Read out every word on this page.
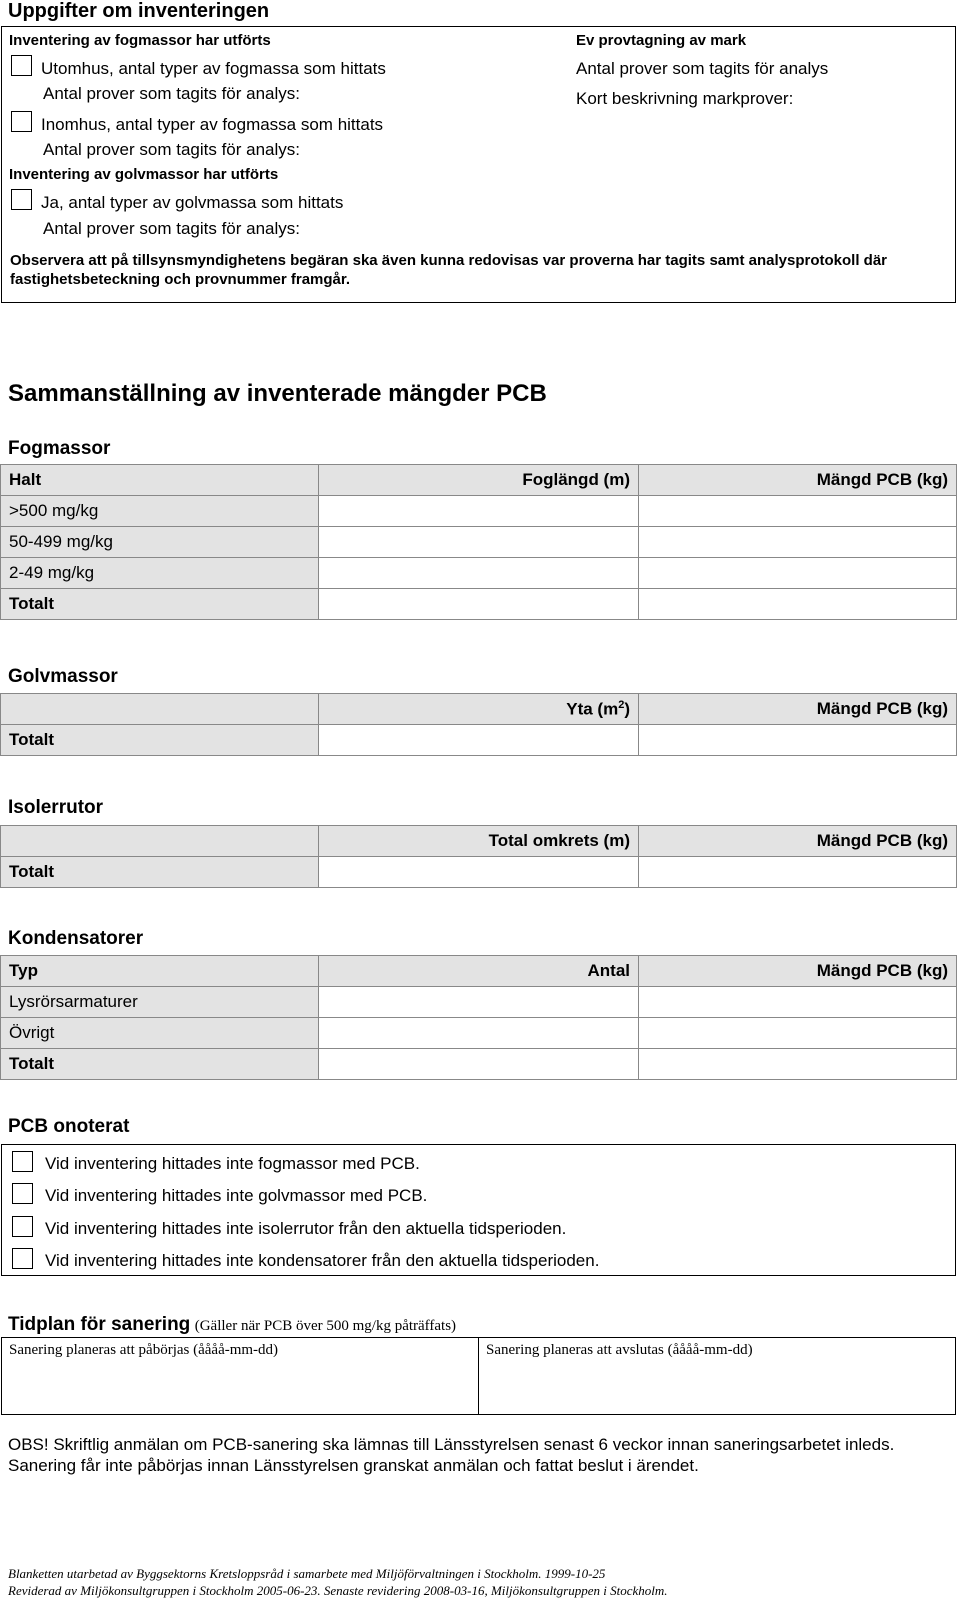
Uppgifter om inventeringen
Inventering av fogmassor har utförts
Utomhus, antal typer av fogmassa som hittats
Antal prover som tagits för analys:
Inomhus, antal typer av fogmassa som hittats
Antal prover som tagits för analys:
Inventering av golvmassor har utförts
Ja, antal typer av golvmassa som hittats
Antal prover som tagits för analys:
Ev provtagning av mark
Antal prover som tagits för analys
Kort beskrivning markprover:
Observera att på tillsynsmyndighetens begäran ska även kunna redovisas var proverna har tagits samt analysprotokoll där fastighetsbeteckning och provnummer framgår.
Sammanställning av inventerade mängder PCB
Fogmassor
Halt	Foglängd (m)	Mängd PCB (kg)
>500 mg/kg		
50-499 mg/kg		
2-49 mg/kg		
Totalt		
Golvmassor
	Yta $(m^2)$	Mängd PCB (kg)
Totalt		
Isolerrutor
	Total omkrets (m)	Mängd PCB (kg)
Totalt		
Kondensatorer
Typ	Antal	Mängd PCB (kg)
Lysrörsarmaturer		
Övrigt		
Totalt		
PCB onoterat
Vid inventering hittades inte fogmassor med PCB.
Vid inventering hittades inte golvmassor med PCB.
Vid inventering hittades inte isolerrutor från den aktuella tidsperioden.
Vid inventering hittades inte kondensatorer från den aktuella tidsperioden.
Tidplan för sanering (Gäller när PCB över 500 mg/kg påträffats)
Sanering planeras att påbörjas (åååå-mm-dd)	Sanering planeras att avslutas (åååå-mm-dd)
OBS! Skriftlig anmälan om PCB-sanering ska lämnas till Länsstyrelsen senast 6 veckor innan saneringsarbetet inleds. Sanering får inte påbörjas innan Länsstyrelsen granskat anmälan och fattat beslut i ärendet.
Blanketten utarbetad av Byggsektorns Kretsloppsråd i samarbete med Miljöförvaltningen i Stockholm. 1999-10-25
Reviderad av Miljökonsultgruppen i Stockholm 2005-06-23. Senaste revidering 2008-03-16, Miljökonsultgruppen i Stockholm.
